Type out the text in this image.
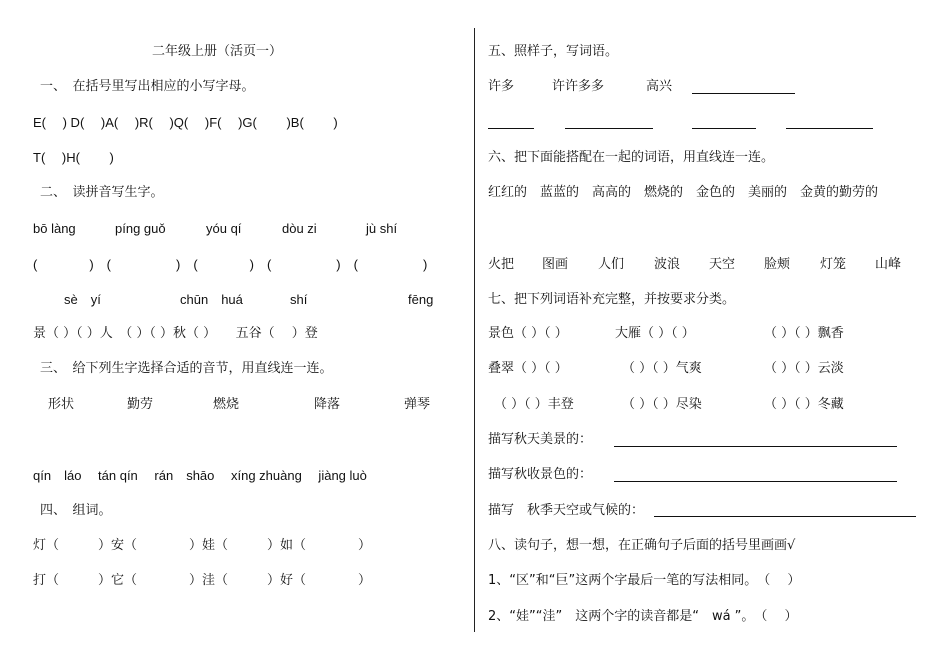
二年级上册（活页一）
一、　在括号里写出相应的小写字母。
E(　 ) D(　 )A(　 )R(　 )Q(　 )F(　 )G(　 　)B(　 　)
T(　 )H(　 　)
二、　读拼音写生字。
bō làng	píng guǒ	yóu qí	dòu zi	jù shí
(　　　　)　(　　　　　)　(　　　　)　(　　　　　)　(　　　　　)
sè　yí	chūn　huá	shí	fēng
景（ ）（ ）人　（ ）（ ）秋（ ）　　五谷（　 ）登
三、　给下列生字选择合适的音节，用直线连一连。
形状	勤劳	燃烧	降落	弹琴
qín　láo　 tán qín　 rán　shāo　 xíng zhuàng　 jiàng luò
四、　组词。
灯（　　　）安（　　　　）娃（　　　）如（　　　　）
打（　　　）它（　　　　）洼（　　　）好（　　　　）
五、照样子，写词语。
许多	许许多多	高兴
六、把下面能搭配在一起的词语，用直线连一连。
红红的　蓝蓝的　高高的　燃烧的　金色的　美丽的　金黄的勤劳的
火把 图画 人们 波浪 天空 脸颊 灯笼 山峰
七、把下列词语补充完整，并按要求分类。
景色（ ）（ ）	大雁（ ）（ ）	（ ）（ ）飘香
叠翠（ ）（ ）	（ ）（ ）气爽	（ ）（ ）云淡
（ ）（ ）丰登	（ ）（ ）尽染	（ ）（ ）冬藏
描写秋天美景的：
描写秋收景色的：
描写　秋季天空或气候的：
八、读句子，想一想，在正确句子后面的括号里画画√
1、“区”和“巨”这两个字最后一笔的写法相同。　（　 ）
2、“娃”“洼”　这两个字的读音都是“　wá ”。　（　 ）
